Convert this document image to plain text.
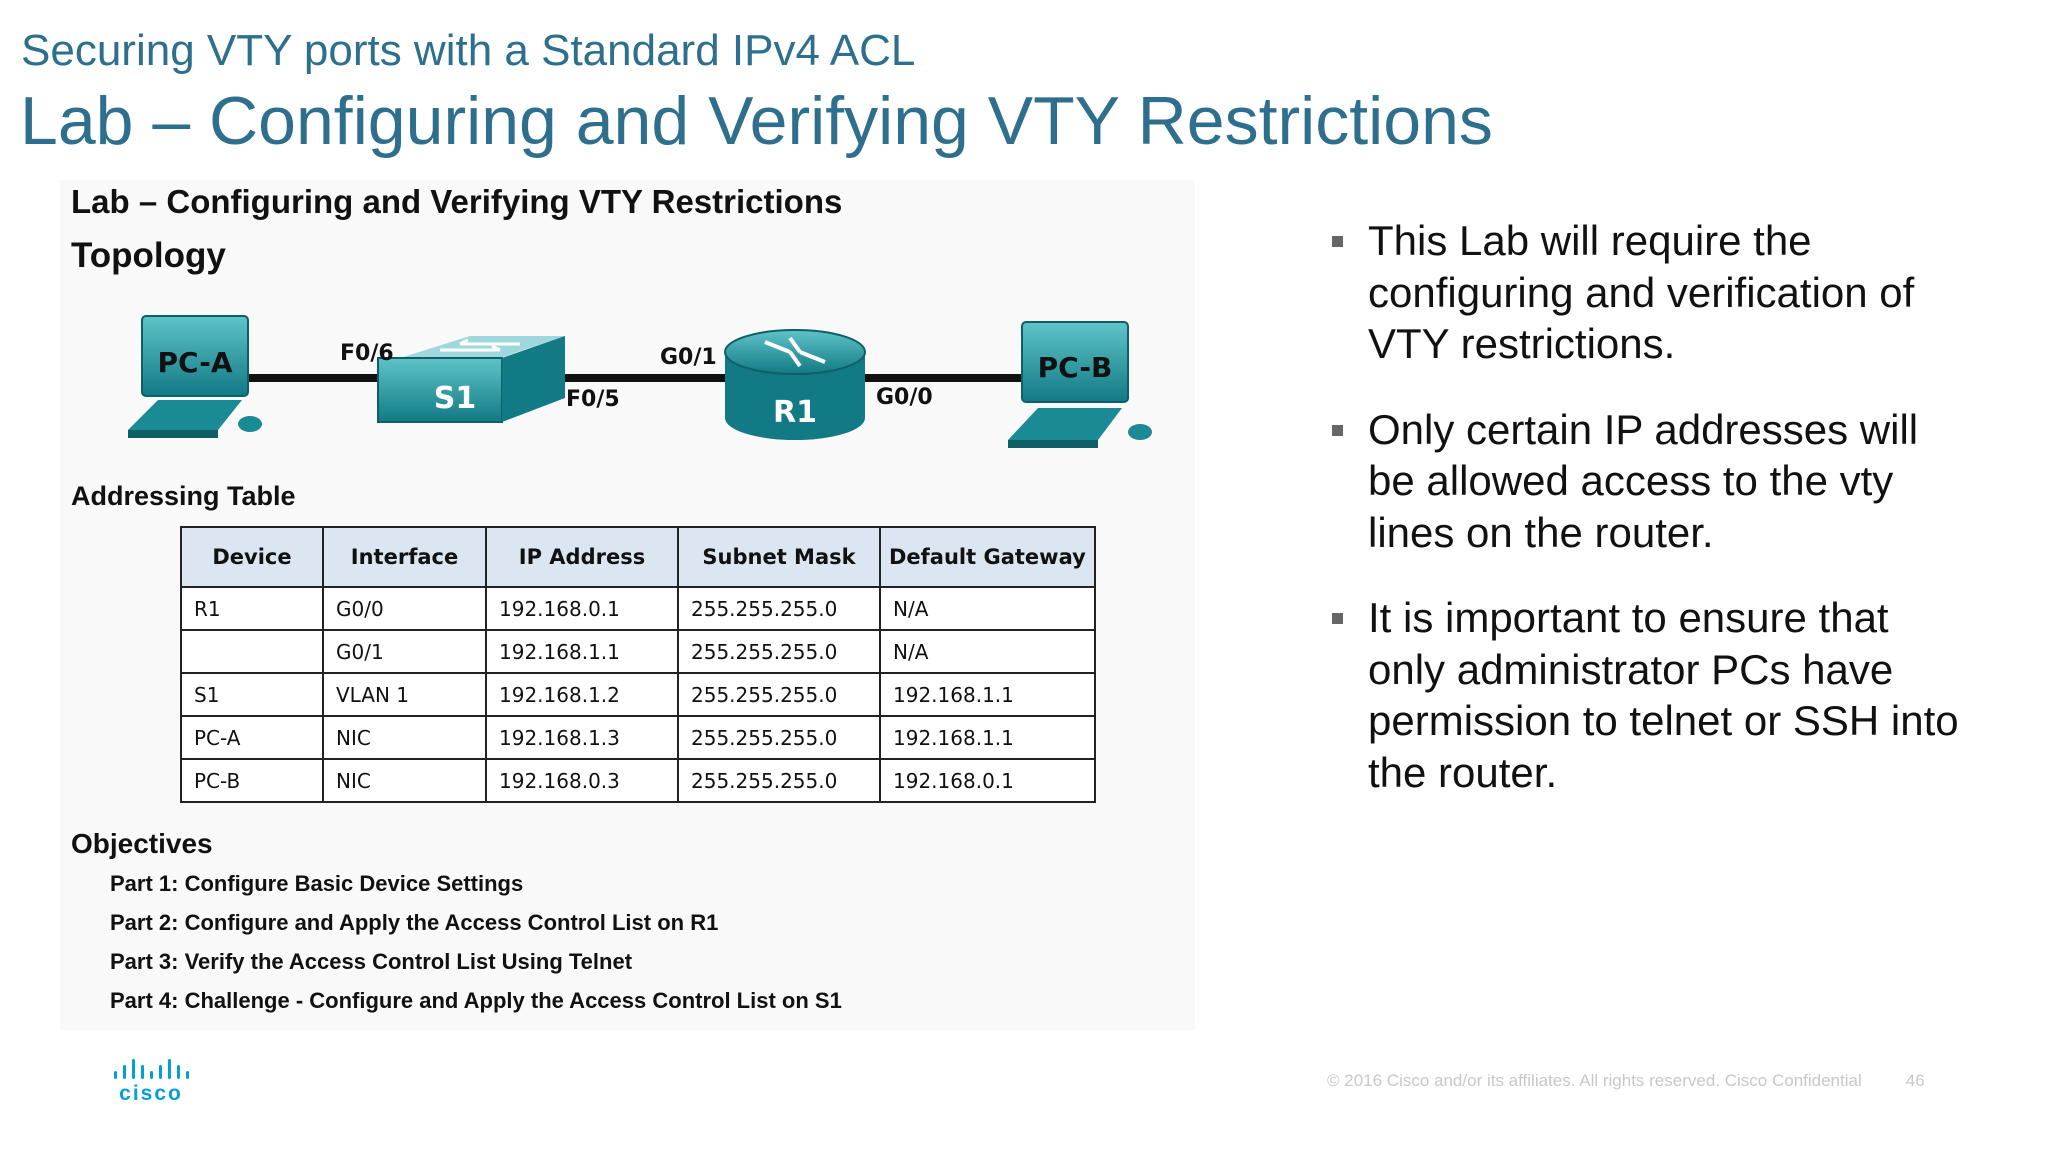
Securing VTY ports with a Standard IPv4 ACL
Lab – Configuring and Verifying VTY Restrictions
Lab – Configuring and Verifying VTY Restrictions
Topology
PC-A
S1	R1
PC-B
F0/6
F0/5
G0/1
G0/0
Addressing Table
Device	Interface	IP Address	Subnet Mask	Default Gateway
R1	G0/0	192.168.0.1	255.255.255.0	N/A
	G0/1	192.168.1.1	255.255.255.0	N/A
S1	VLAN 1	192.168.1.2	255.255.255.0	192.168.1.1
PC-A	NIC	192.168.1.3	255.255.255.0	192.168.1.1
PC-B	NIC	192.168.0.3	255.255.255.0	192.168.0.1
Objectives
Part 1: Configure Basic Device Settings
Part 2: Configure and Apply the Access Control List on R1
Part 3: Verify the Access Control List Using Telnet
Part 4: Challenge - Configure and Apply the Access Control List on S1
This Lab will require the configuring and verification of VTY restrictions.
Only certain IP addresses will be allowed access to the vty lines on the router.
It is important to ensure that only administrator PCs have permission to telnet or SSH into the router.
cisco
© 2016 Cisco and/or its affiliates. All rights reserved. Cisco Confidential	46
